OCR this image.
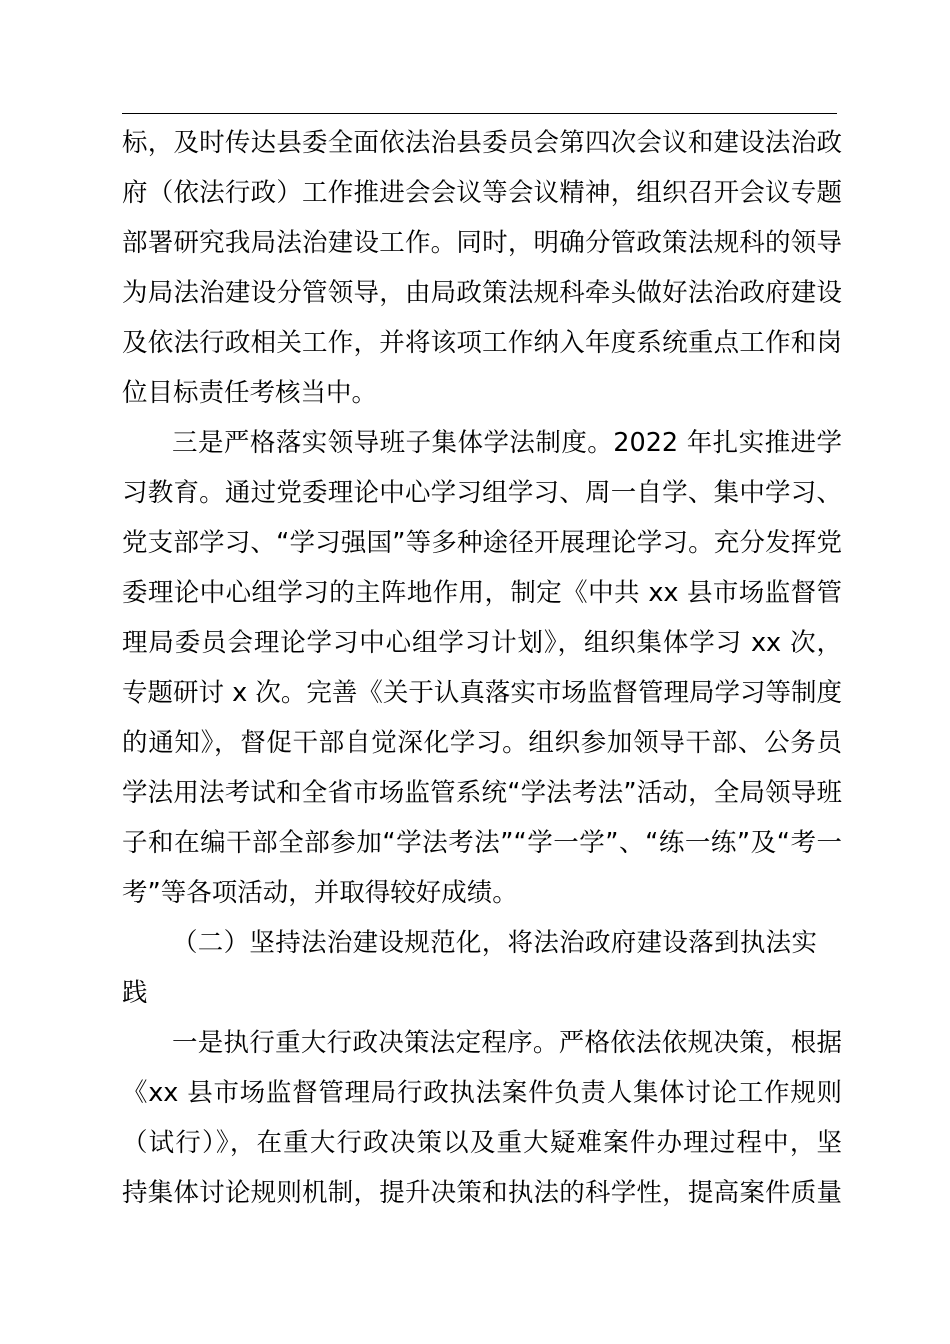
标，及时传达县委全面依法治县委员会第四次会议和建设法治政
府（依法行政）工作推进会会议等会议精神，组织召开会议专题
部署研究我局法治建设工作。同时，明确分管政策法规科的领导
为局法治建设分管领导，由局政策法规科牵头做好法治政府建设
及依法行政相关工作，并将该项工作纳入年度系统重点工作和岗
位目标责任考核当中。
三是严格落实领导班子集体学法制度。2022 年扎实推进学
习教育。通过党委理论中心学习组学习、周一自学、集中学习、
党支部学习、“学习强国”等多种途径开展理论学习。充分发挥党
委理论中心组学习的主阵地作用，制定《中共 xx 县市场监督管
理局委员会理论学习中心组学习计划》，组织集体学习 xx 次，
专题研讨 x 次。完善《关于认真落实市场监督管理局学习等制度
的通知》，督促干部自觉深化学习。组织参加领导干部、公务员
学法用法考试和全省市场监管系统“学法考法”活动，全局领导班
子和在编干部全部参加“学法考法”“学一学”、“练一练”及“考一
考”等各项活动，并取得较好成绩。
（二）坚持法治建设规范化，将法治政府建设落到执法实
践
一是执行重大行政决策法定程序。严格依法依规决策，根据
《xx 县市场监督管理局行政执法案件负责人集体讨论工作规则
（试行）》，在重大行政决策以及重大疑难案件办理过程中，坚
持集体讨论规则机制，提升决策和执法的科学性，提高案件质量
